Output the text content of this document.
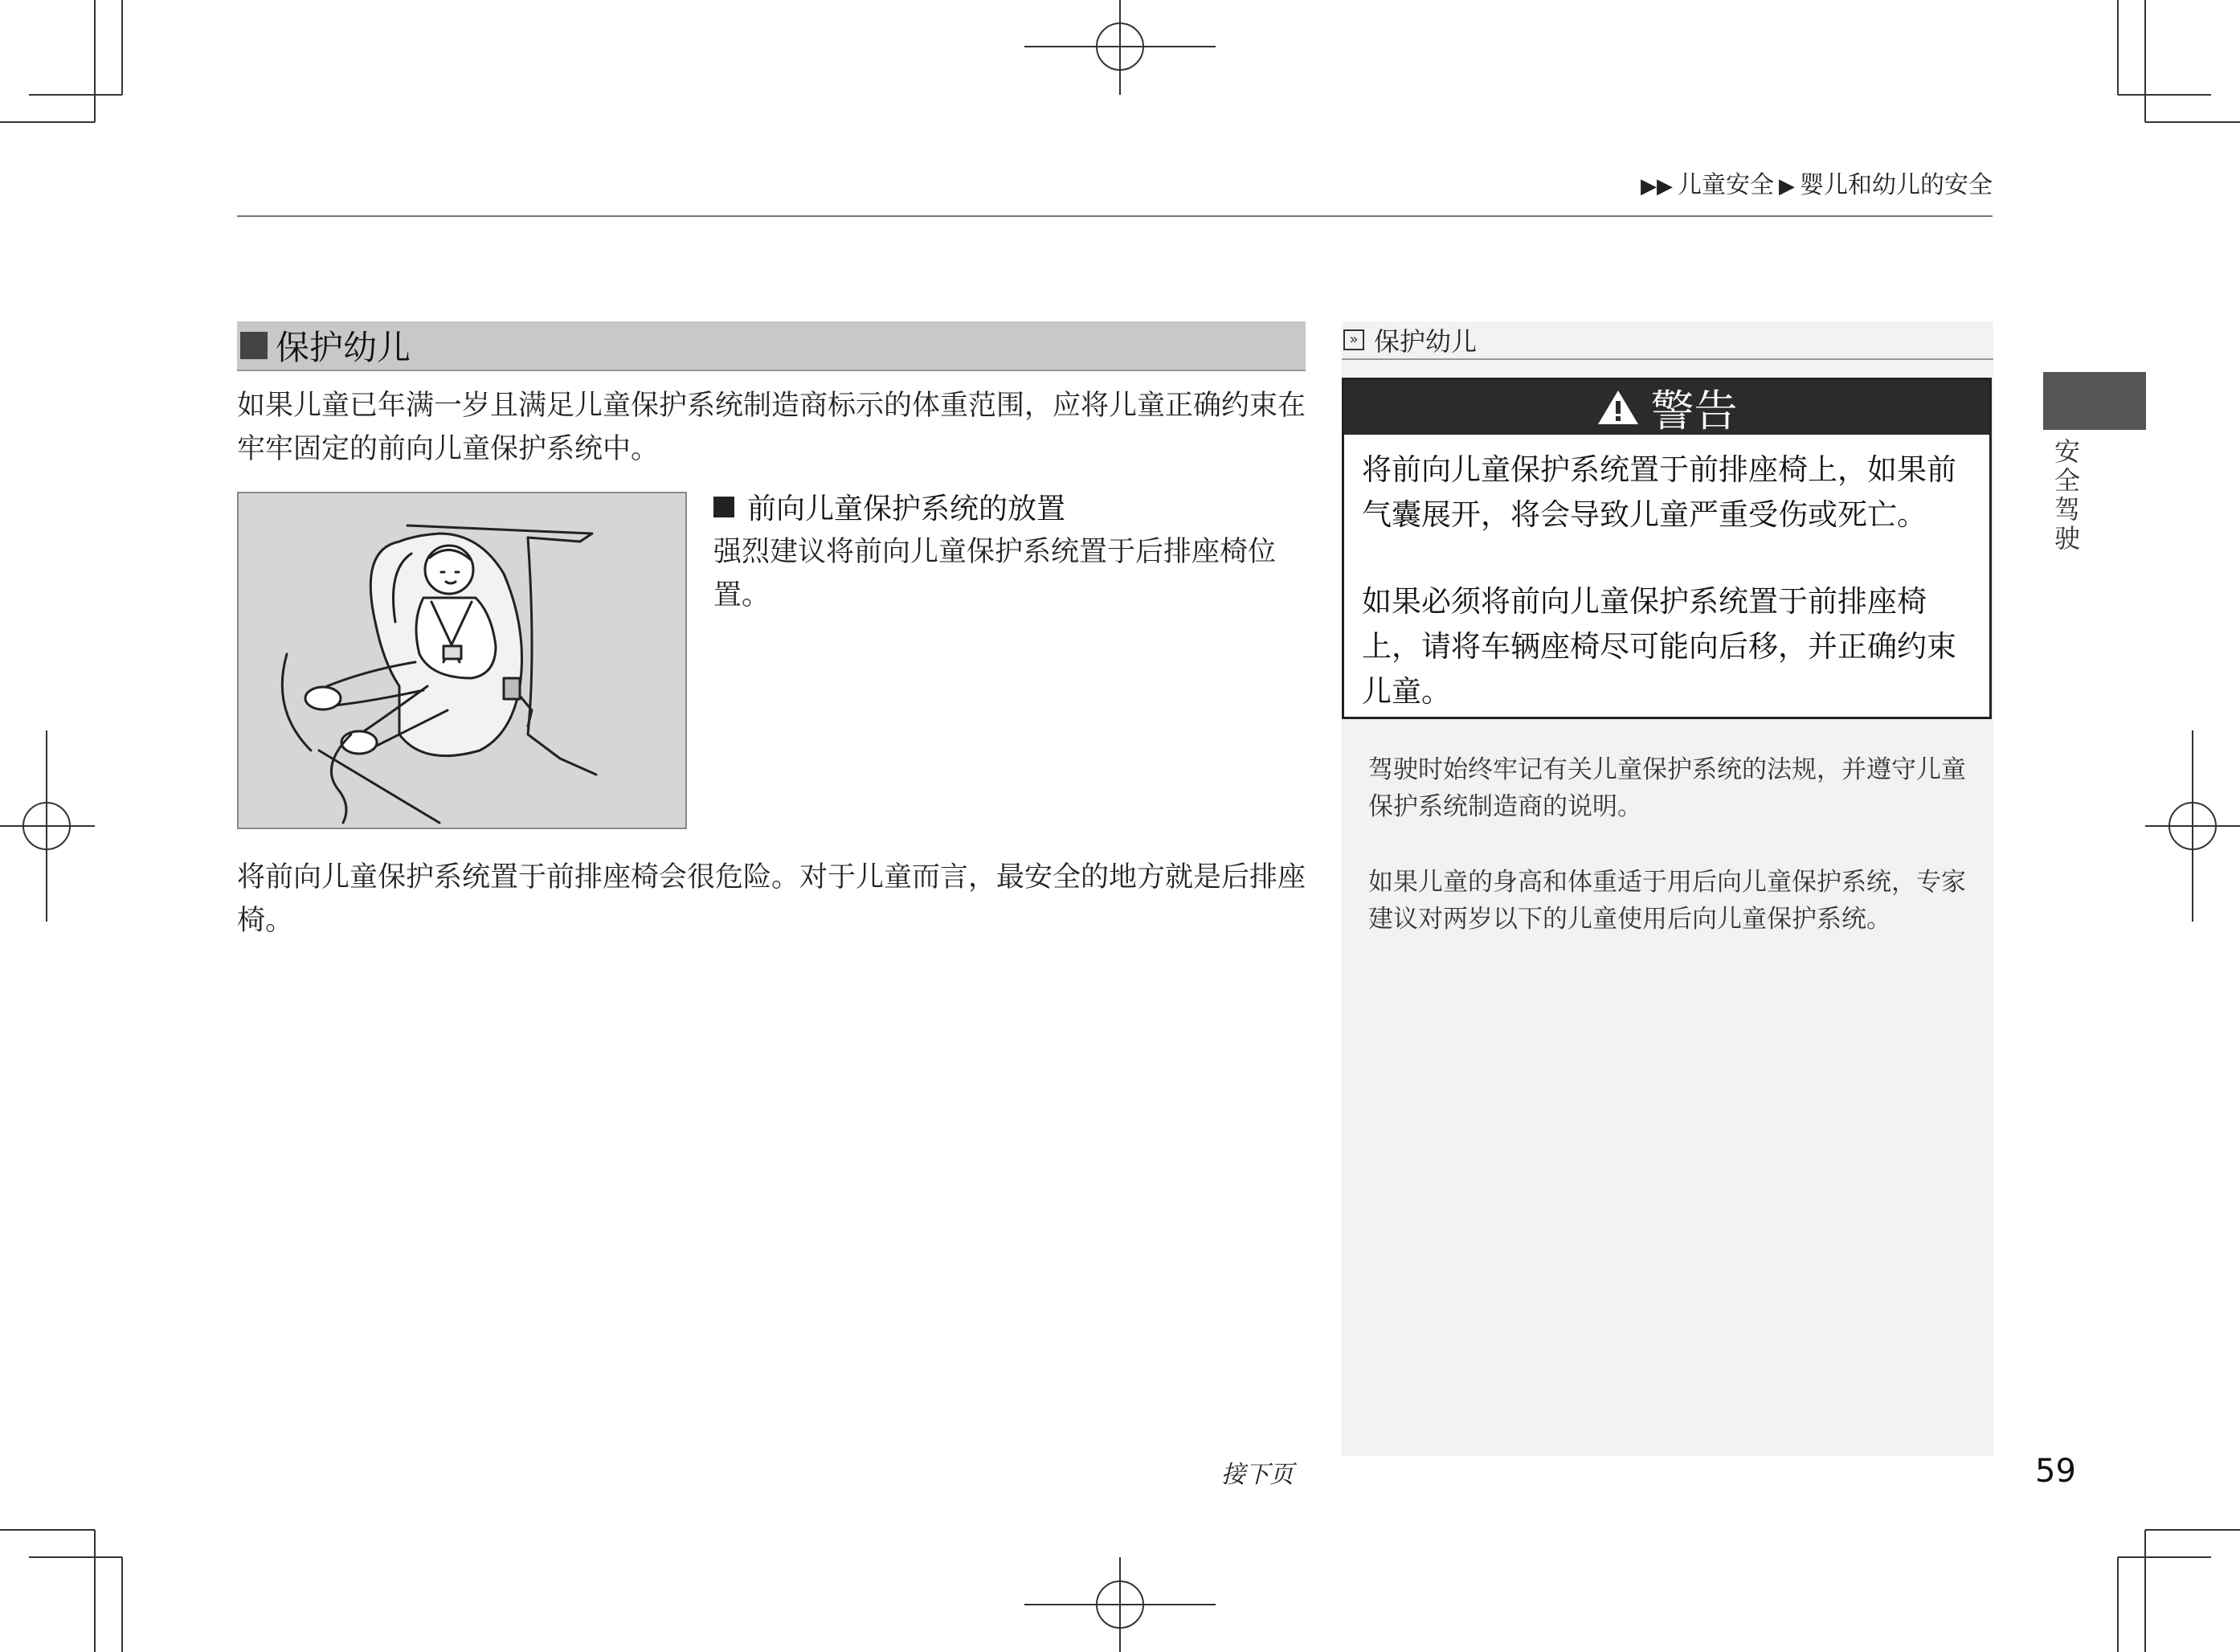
▶▶ 儿童安全 ▶ 婴儿和幼儿的安全
保护幼儿
如果儿童已年满一岁且满足儿童保护系统制造商标示的体重范围，应将儿童正确约束在牢牢固定的前向儿童保护系统中。
前向儿童保护系统的放置
强烈建议将前向儿童保护系统置于后排座椅位置。
将前向儿童保护系统置于前排座椅会很危险。对于儿童而言，最安全的地方就是后排座椅。
接下页
» 保护幼儿
警告
将前向儿童保护系统置于前排座椅上，如果前气囊展开，将会导致儿童严重受伤或死亡。
如果必须将前向儿童保护系统置于前排座椅上，请将车辆座椅尽可能向后移，并正确约束儿童。
驾驶时始终牢记有关儿童保护系统的法规，并遵守儿童保护系统制造商的说明。
如果儿童的身高和体重适于用后向儿童保护系统，专家建议对两岁以下的儿童使用后向儿童保护系统。
安全驾驶
59
